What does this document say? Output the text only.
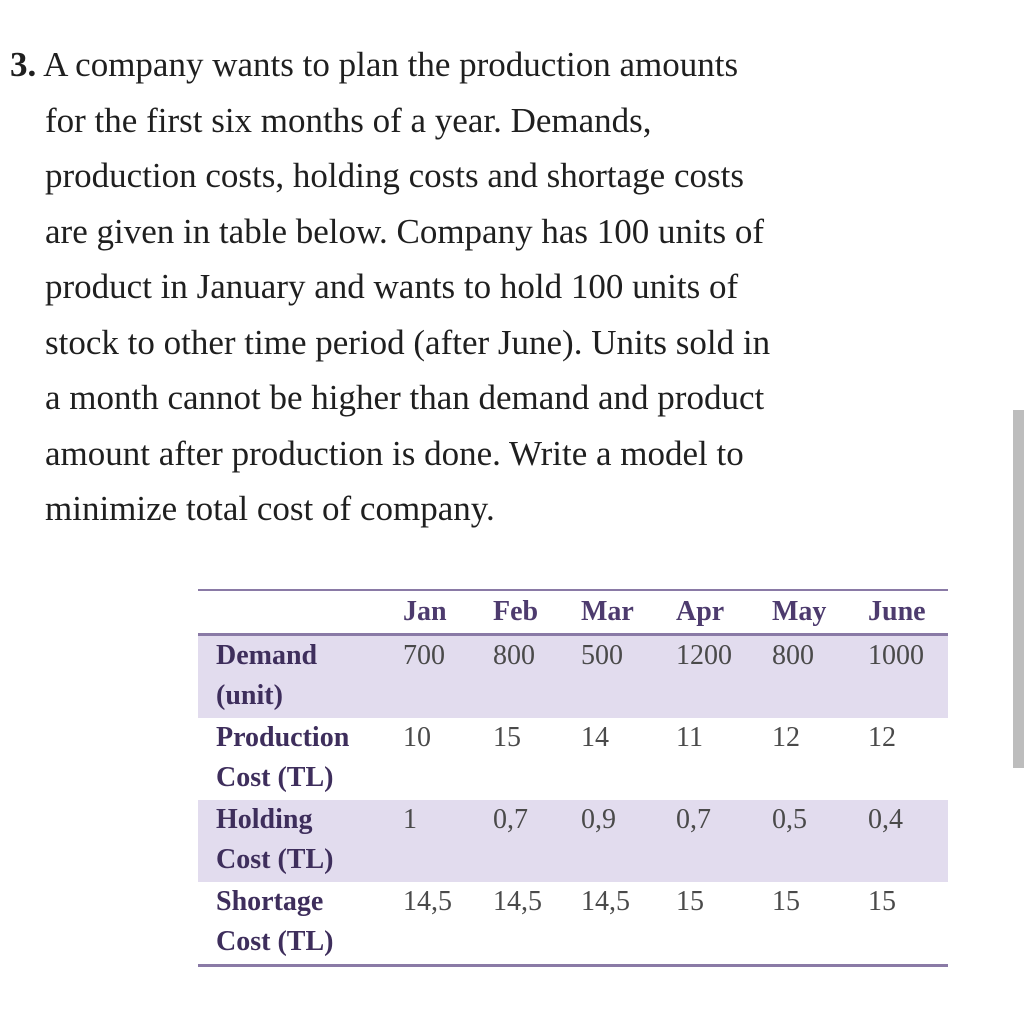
3. A company wants to plan the production amounts
for the first six months of a year. Demands,
production costs, holding costs and shortage costs
are given in table below. Company has 100 units of
product in January and wants to hold 100 units of
stock to other time period (after June). Units sold in
a month cannot be higher than demand and product
amount after production is done. Write a model to
minimize total cost of company.
	Jan	Feb	Mar	Apr	May	June
Demand
(unit)	700	800	500	1200	800	1000
Production
Cost (TL)	10	15	14	11	12	12
Holding
Cost (TL)	1	0,7	0,9	0,7	0,5	0,4
Shortage
Cost (TL)	14,5	14,5	14,5	15	15	15
